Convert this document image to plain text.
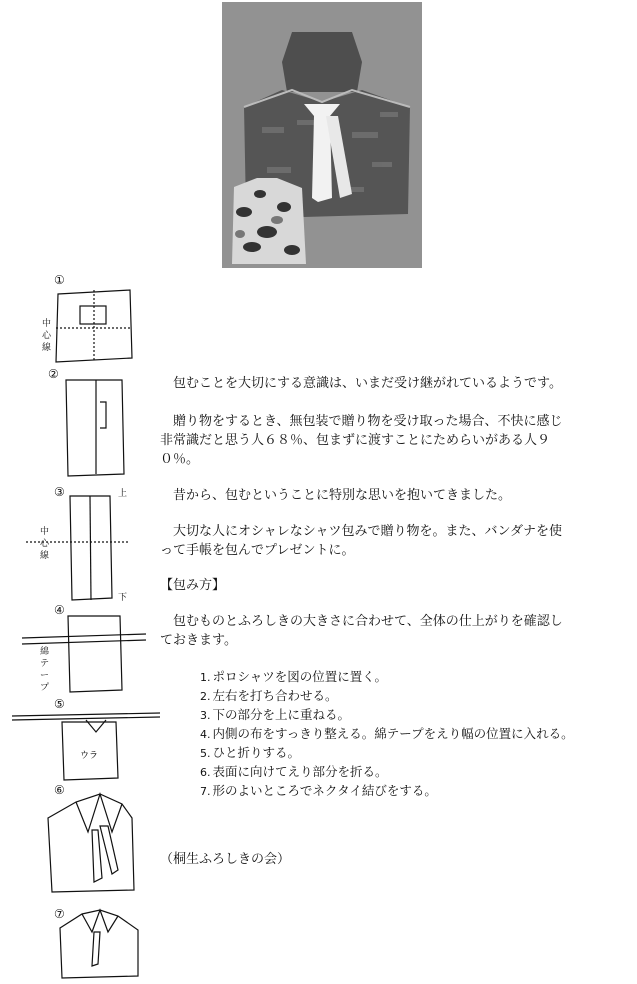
①
②
③
④
⑤
⑥
⑦
中
心
線
中
心
線
上
下
綿
テ
ー
プ
ウラ

　包むことを大切にする意識は、いまだ受け継がれているようです。

　贈り物をするとき、無包装で贈り物を受け取った場合、不快に感じ

非常識だと思う人６８％、包まずに渡すことにためらいがある人９

０％。

　昔から、包むということに特別な思いを抱いてきました。

　大切な人にオシャレなシャツ包みで贈り物を。また、バンダナを使

って手帳を包んでプレゼントに。

【包み方】

　包むものとふろしきの大きさに合わせて、全体の仕上がりを確認し

ておきます。

1. ポロシャツを図の位置に置く。
2. 左右を打ち合わせる。
3. 下の部分を上に重ねる。
4. 内側の布をすっきり整える。綿テープをえり幅の位置に入れる。
5. ひと折りする。
6. 表面に向けてえり部分を折る。
7. 形のよいところでネクタイ結びをする。

（桐生ふろしきの会）
